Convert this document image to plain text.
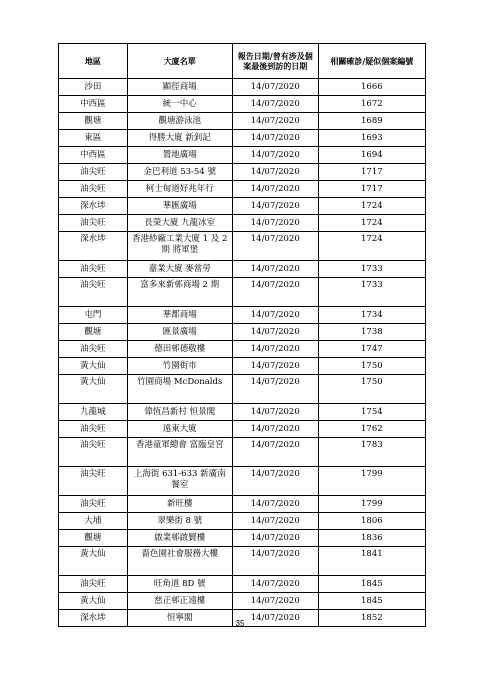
地區	大廈名單	報告日期/曾有涉及個案最後到訪的日期	相關確診/疑似個案編號
沙田	顯徑商場	14/07/2020	1666
中西區	統一中心	14/07/2020	1672
觀塘	觀塘游泳池	14/07/2020	1689
東區	得勝大廈 新釗記	14/07/2020	1693
中西區	置地廣場	14/07/2020	1694
油尖旺	金巴利道 53-54 號	14/07/2020	1717
油尖旺	柯士甸道好兆年行	14/07/2020	1717
深水埗	華匯廣場	14/07/2020	1724
油尖旺	長榮大廈 九龍冰室	14/07/2020	1724
深水埗	香港紗廠工業大廈 1 及 2 期 將軍堡	14/07/2020	1724
油尖旺	嘉業大廈 麥當勞	14/07/2020	1733
油尖旺	富多來新邨商場 2 期	14/07/2020	1733
屯門	華都商場	14/07/2020	1734
觀塘	匯景廣場	14/07/2020	1738
油尖旺	德田邨德敬樓	14/07/2020	1747
黃大仙	竹園街市	14/07/2020	1750
黃大仙	竹園商場 McDonalds	14/07/2020	1750
九龍城	偉恆昌新村 恒景閣	14/07/2020	1754
油尖旺	遠東大廈	14/07/2020	1762
油尖旺	香港童軍總會 富臨皇宮	14/07/2020	1783
油尖旺	上海街 631-633 新廣南餐室	14/07/2020	1799
油尖旺	新旺樓	14/07/2020	1799
大埔	翠樂街 8 號	14/07/2020	1806
觀塘	啟業邨啟賢樓	14/07/2020	1836
黃大仙	嗇色園社會服務大樓	14/07/2020	1841
油尖旺	旺角道 8D 號	14/07/2020	1845
黃大仙	慈正邨正遠樓	14/07/2020	1845
深水埗	恒寧閣	14/07/2020	1852
35
